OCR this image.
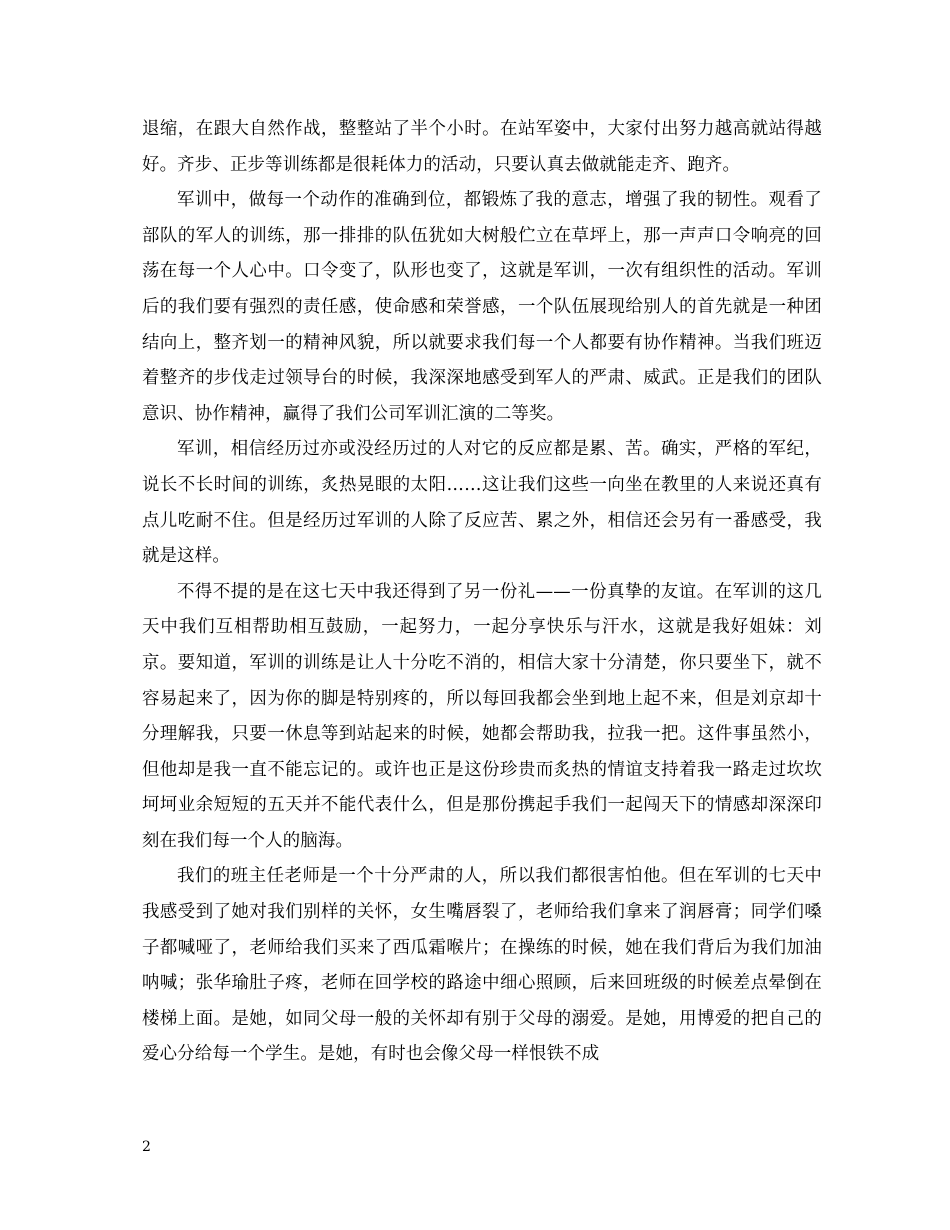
退缩，在跟大自然作战，整整站了半个小时。在站军姿中，大家付出努力越高就站得越好。齐步、正步等训练都是很耗体力的活动，只要认真去做就能走齐、跑齐。

军训中，做每一个动作的准确到位，都锻炼了我的意志，增强了我的韧性。观看了部队的军人的训练，那一排排的队伍犹如大树般伫立在草坪上，那一声声口令响亮的回荡在每一个人心中。口令变了，队形也变了，这就是军训，一次有组织性的活动。军训后的我们要有强烈的责任感，使命感和荣誉感，一个队伍展现给别人的首先就是一种团结向上，整齐划一的精神风貌，所以就要求我们每一个人都要有协作精神。当我们班迈着整齐的步伐走过领导台的时候，我深深地感受到军人的严肃、威武。正是我们的团队意识、协作精神，赢得了我们公司军训汇演的二等奖。

军训，相信经历过亦或没经历过的人对它的反应都是累、苦。确实，严格的军纪，说长不长时间的训练，炙热晃眼的太阳……这让我们这些一向坐在教里的人来说还真有点儿吃耐不住。但是经历过军训的人除了反应苦、累之外，相信还会另有一番感受，我就是这样。

不得不提的是在这七天中我还得到了另一份礼——一份真挚的友谊。在军训的这几天中我们互相帮助相互鼓励，一起努力，一起分享快乐与汗水，这就是我好姐妹：刘京。要知道，军训的训练是让人十分吃不消的，相信大家十分清楚，你只要坐下，就不容易起来了，因为你的脚是特别疼的，所以每回我都会坐到地上起不来，但是刘京却十分理解我，只要一休息等到站起来的时候，她都会帮助我，拉我一把。这件事虽然小，但他却是我一直不能忘记的。或许也正是这份珍贵而炙热的情谊支持着我一路走过坎坎坷坷业余短短的五天并不能代表什么，但是那份携起手我们一起闯天下的情感却深深印刻在我们每一个人的脑海。

我们的班主任老师是一个十分严肃的人，所以我们都很害怕他。但在军训的七天中我感受到了她对我们别样的关怀，女生嘴唇裂了，老师给我们拿来了润唇膏；同学们嗓子都喊哑了，老师给我们买来了西瓜霜喉片；在操练的时候，她在我们背后为我们加油呐喊；张华瑜肚子疼，老师在回学校的路途中细心照顾，后来回班级的时候差点晕倒在楼梯上面。是她，如同父母一般的关怀却有别于父母的溺爱。是她，用博爱的把自己的爱心分给每一个学生。是她，有时也会像父母一样恨铁不成

2
